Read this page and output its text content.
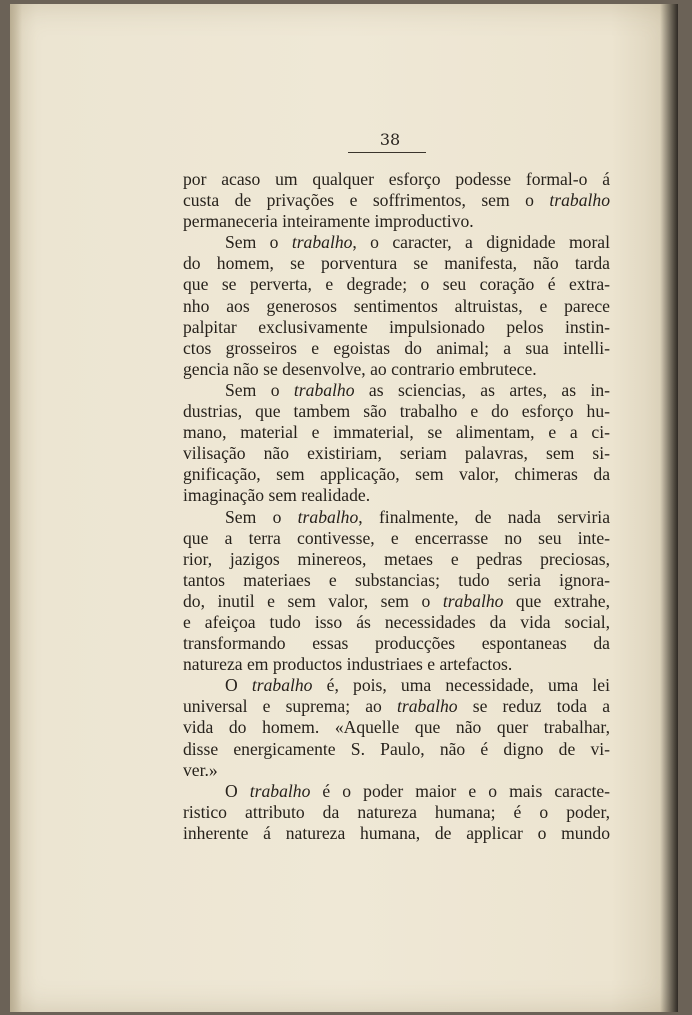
38
por acaso um qualquer esforço podesse formal-o á
custa de privações e soffrimentos, sem o trabalho
permaneceria inteiramente improductivo.
Sem o trabalho, o caracter, a dignidade moral
do homem, se porventura se manifesta, não tarda
que se perverta, e degrade; o seu coração é extra-
nho aos generosos sentimentos altruistas, e parece
palpitar exclusivamente impulsionado pelos instin-
ctos grosseiros e egoistas do animal; a sua intelli-
gencia não se desenvolve, ao contrario embrutece.
Sem o trabalho as sciencias, as artes, as in-
dustrias, que tambem são trabalho e do esforço hu-
mano, material e immaterial, se alimentam, e a ci-
vilisação não existiriam, seriam palavras, sem si-
gnificação, sem applicação, sem valor, chimeras da
imaginação sem realidade.
Sem o trabalho, finalmente, de nada serviria
que a terra contivesse, e encerrasse no seu inte-
rior, jazigos minereos, metaes e pedras preciosas,
tantos materiaes e substancias; tudo seria ignora-
do, inutil e sem valor, sem o trabalho que extrahe,
e afeiçoa tudo isso ás necessidades da vida social,
transformando essas producções espontaneas da
natureza em productos industriaes e artefactos.
O trabalho é, pois, uma necessidade, uma lei
universal e suprema; ao trabalho se reduz toda a
vida do homem. «Aquelle que não quer trabalhar,
disse energicamente S. Paulo, não é digno de vi-
ver.»
O trabalho é o poder maior e o mais caracte-
ristico attributo da natureza humana; é o poder,
inherente á natureza humana, de applicar o mundo
